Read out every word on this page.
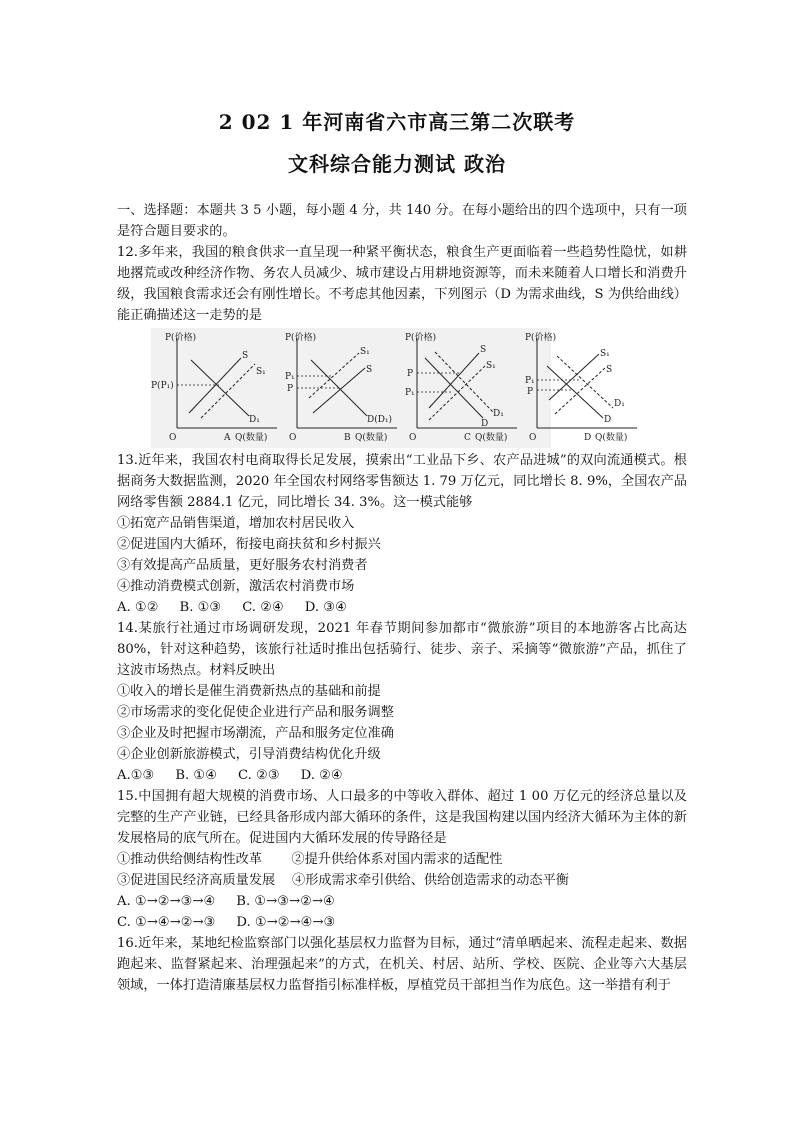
2 02 1 年河南省六市高三第二次联考
文科综合能力测试 政治

一、选择题：本题共 3 5 小题，每小题 4 分，共 140 分。在每小题给出的四个选项中，只有一项是符合题目要求的。

12.多年来，我国的粮食供求一直呈现一种紧平衡状态，粮食生产更面临着一些趋势性隐忧，如耕地撂荒或改种经济作物、务农人员减少、城市建设占用耕地资源等，而未来随着人口增长和消费升级，我国粮食需求还会有刚性增长。不考虑其他因素，下列图示（D 为需求曲线，S 为供给曲线）能正确描述这一走势的是

P(价格)
Q(数量)
O
P(P₁)
S
S₁
D₁
A
P(价格)
Q(数量)
O
P₁
P
S₁
S
D(D₁)
B
P(价格)
Q(数量)
O
P
P₁
S
S₁
D
D₁
C
P(价格)
Q(数量)
O
P₁
P
S₁
S
D₁
D
D

13.近年来，我国农村电商取得长足发展，摸索出“工业品下乡、农产品进城”的双向流通模式。根据商务大数据监测，2020 年全国农村网络零售额达 1. 79 万亿元，同比增长 8. 9%，全国农产品网络零售额 2884.1 亿元，同比增长 34. 3%。这一模式能够

①拓宽产品销售渠道，增加农村居民收入

②促进国内大循环，衔接电商扶贫和乡村振兴

③有效提高产品质量，更好服务农村消费者

④推动消费模式创新，激活农村消费市场

A. ①②     B. ①③     C. ②④     D. ③④

14.某旅行社通过市场调研发现，2021 年春节期间参加都市“微旅游”项目的本地游客占比高达 80%，针对这种趋势，该旅行社适时推出包括骑行、徒步、亲子、采摘等“微旅游”产品，抓住了这波市场热点。材料反映出

①收入的增长是催生消费新热点的基础和前提

②市场需求的变化促使企业进行产品和服务调整

③企业及时把握市场潮流，产品和服务定位准确

④企业创新旅游模式，引导消费结构优化升级

A.①③     B. ①④     C. ②③     D. ②④

15.中国拥有超大规模的消费市场、人口最多的中等收入群体、超过 1 00 万亿元的经济总量以及完整的生产产业链，已经具备形成内部大循环的条件，这是我国构建以国内经济大循环为主体的新发展格局的底气所在。促进国内大循环发展的传导路径是

①推动供给侧结构性改革       ②提升供给体系对国内需求的适配性

③促进国民经济高质量发展    ④形成需求牵引供给、供给创造需求的动态平衡

A. ①→②→③→④     B. ①→③→②→④

C. ①→④→②→③     D. ①→②→④→③

16.近年来，某地纪检监察部门以强化基层权力监督为目标，通过“清单晒起来、流程走起来、数据跑起来、监督紧起来、治理强起来”的方式，在机关、村居、站所、学校、医院、企业等六大基层领域，一体打造清廉基层权力监督指引标准样板，厚植党员干部担当作为底色。这一举措有利于
